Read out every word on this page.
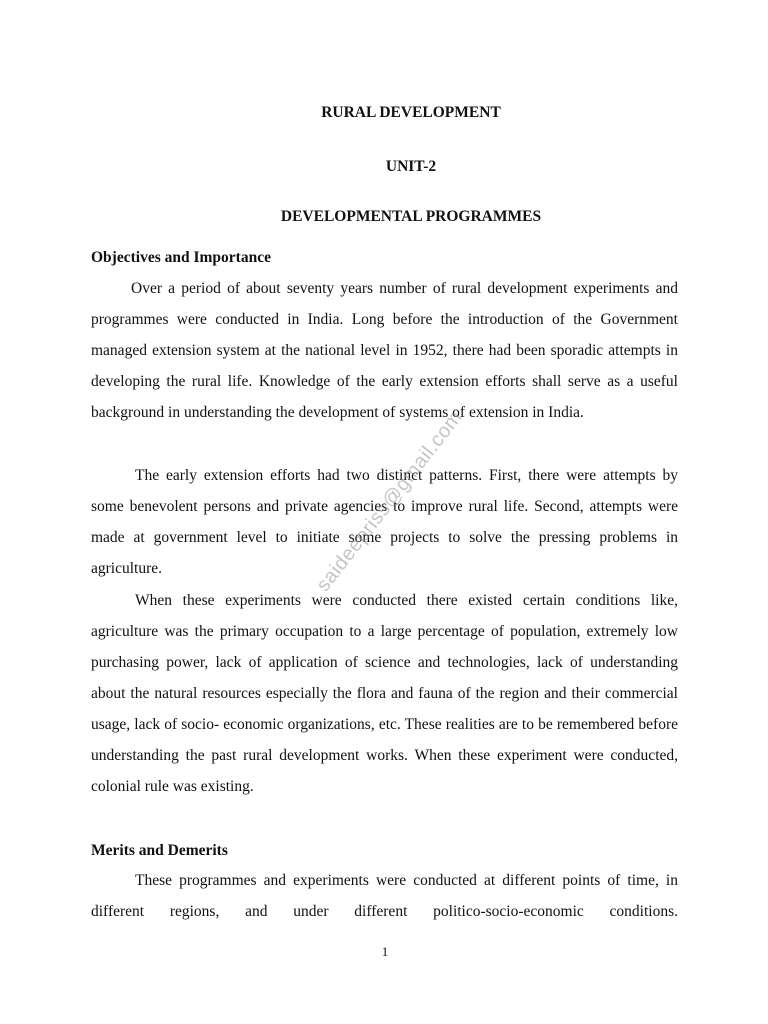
RURAL DEVELOPMENT
UNIT-2
DEVELOPMENTAL PROGRAMMES
Objectives and Importance

Over a period of about seventy years number of rural development experiments and programmes were conducted in India. Long before the introduction of the Government managed extension system at the national level in 1952, there had been sporadic attempts in developing the rural life. Knowledge of the early extension efforts shall serve as a useful background in understanding the development of systems of extension in India.

The early extension efforts had two distinct patterns. First, there were attempts by some benevolent persons and private agencies to improve rural life. Second, attempts were made at government level to initiate some projects to solve the pressing problems in agriculture.

When these experiments were conducted there existed certain conditions like, agriculture was the primary occupation to a large percentage of population, extremely low purchasing power, lack of application of science and technologies, lack of understanding about the natural resources especially the flora and fauna of the region and their commercial usage, lack of socio- economic organizations, etc. These realities are to be remembered before understanding the past rural development works. When these experiment were conducted, colonial rule was existing.

Merits and Demerits

These programmes and experiments were conducted at different points of time, in different regions, and under different politico-socio-economic conditions.

1
saideepriss@gmail.com
